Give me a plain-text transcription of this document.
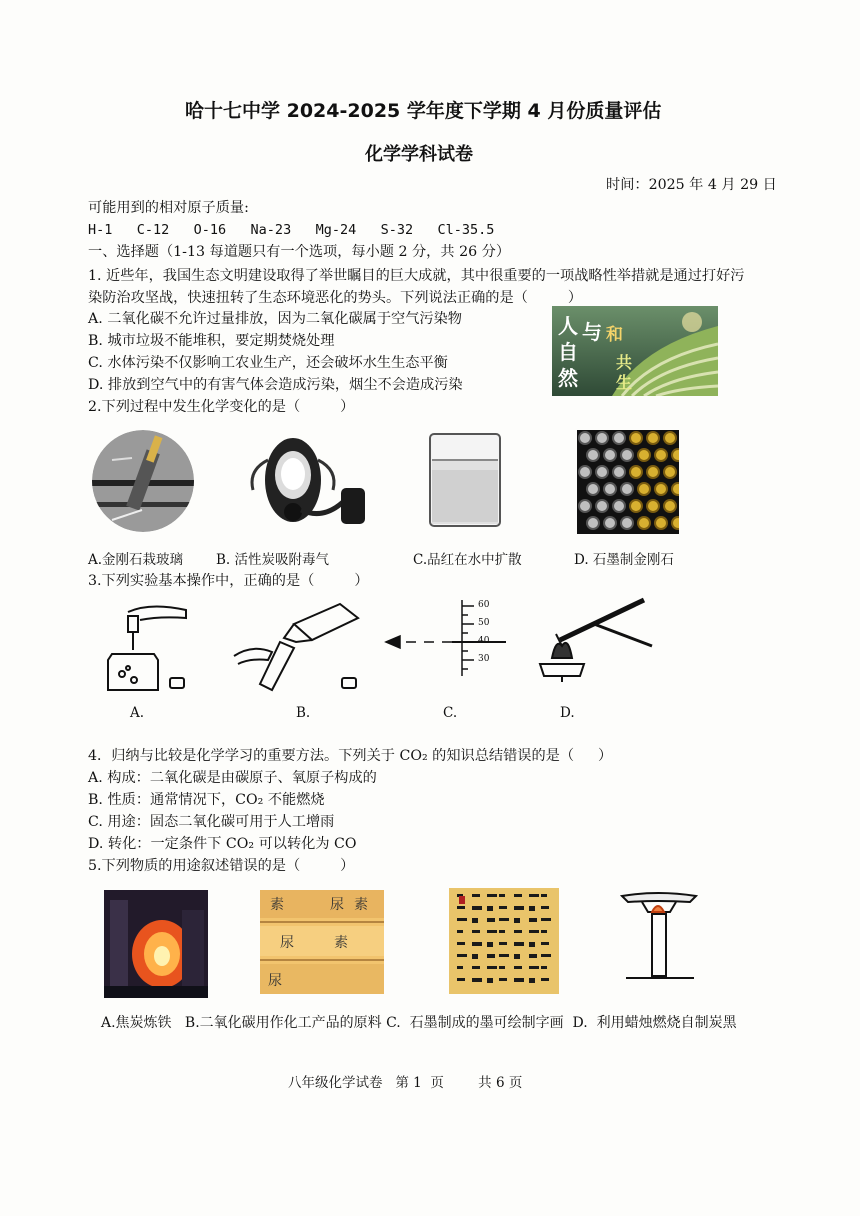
哈十七中学 2024-2025 学年度下学期 4 月份质量评估
化学学科试卷
时间：2025 年 4 月 29 日
可能用到的相对原子质量:
H-1   C-12   O-16   Na-23   Mg-24   S-32   Cl-35.5
一、选择题（1-13 每道题只有一个选项，每小题 2 分，共 26 分）
1. 近些年，我国生态文明建设取得了举世瞩目的巨大成就，其中很重要的一项战略性举措就是通过打好污
染防治攻坚战，快速扭转了生态环境恶化的势头。下列说法正确的是（	）
A. 二氧化碳不允许过量排放，因为二氧化碳属于空气污染物
B. 城市垃圾不能堆积，要定期焚烧处理
C. 水体污染不仅影响工农业生产，还会破坏水生生态平衡
D. 排放到空气中的有害气体会造成污染，烟尘不会造成污染
人 与 和
自
然
共
生
2.下列过程中发生化学变化的是（	）
A.金刚石栽玻璃 B. 活性炭吸附毒气	C.品红在水中扩散	D. 石墨制金刚石
3.下列实验基本操作中，正确的是（	）
60
50
40
30
A.	B.	C.	D.
4．归纳与比较是化学学习的重要方法。下列关于 CO₂ 的知识总结错误的是（ ）
A. 构成：二氧化碳是由碳原子、氧原子构成的
B. 性质：通常情况下，CO₂ 不能燃烧
C. 用途：固态二氧化碳可用于人工增雨
D. 转化：一定条件下 CO₂ 可以转化为 CO
5.下列物质的用途叙述错误的是（	）
素	尿 素
尿	素
尿
A.焦炭炼铁   B.二氧化碳用作化工产品的原料 C.  石墨制成的墨可绘制字画  D.  利用蜡烛燃烧自制炭黑
八年级化学试卷   第 1  页        共 6 页
